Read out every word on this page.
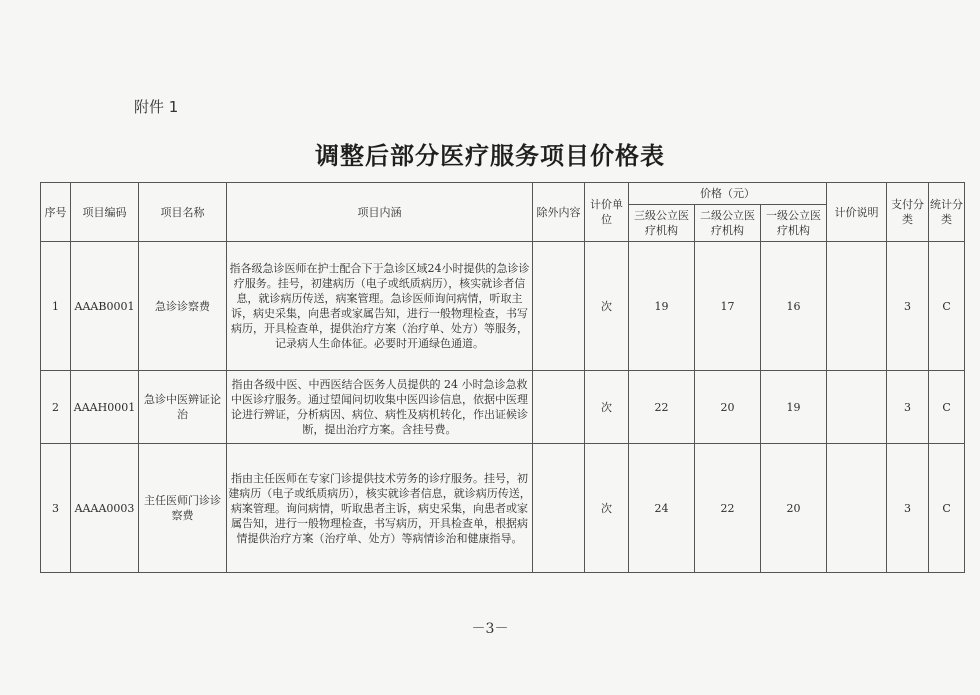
附件 1
调整后部分医疗服务项目价格表
序号	项目编码	项目名称	项目内涵	除外内容	计价单位	价格（元）			计价说明	支付分类	统计分类
						三级公立医疗机构	二级公立医疗机构	一级公立医疗机构			
1	AAAB0001	急诊诊察费	指各级急诊医师在护士配合下于急诊区域24小时提供的急诊诊疗服务。挂号，初建病历（电子或纸质病历），核实就诊者信息，就诊病历传送，病案管理。急诊医师询问病情，听取主诉，病史采集，向患者或家属告知，进行一般物理检查，书写病历，开具检查单，提供治疗方案（治疗单、处方）等服务，记录病人生命体征。必要时开通绿色通道。		次	19	17	16		3	C
2	AAAH0001	急诊中医辨证论治	指由各级中医、中西医结合医务人员提供的 24 小时急诊急救中医诊疗服务。通过望闻问切收集中医四诊信息，依据中医理论进行辨证，分析病因、病位、病性及病机转化，作出证候诊断，提出治疗方案。含挂号费。		次	22	20	19		3	C
3	AAAA0003	主任医师门诊诊察费	指由主任医师在专家门诊提供技术劳务的诊疗服务。挂号，初建病历（电子或纸质病历），核实就诊者信息，就诊病历传送，病案管理。询问病情，听取患者主诉，病史采集，向患者或家属告知，进行一般物理检查，书写病历，开具检查单，根据病情提供治疗方案（治疗单、处方）等病情诊治和健康指导。		次	24	22	20		3	C
－3－
